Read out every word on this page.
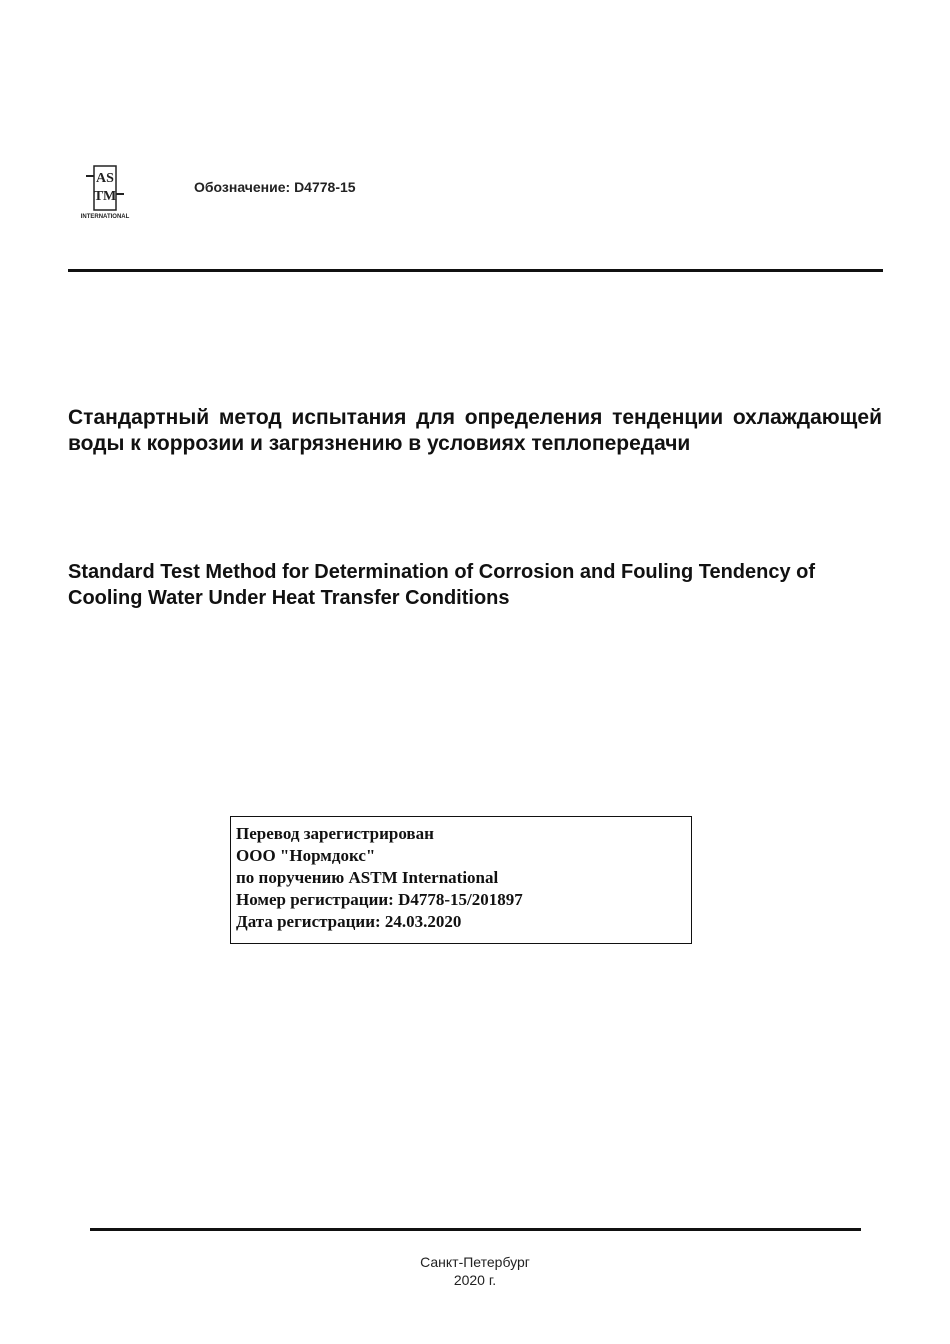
AS
TM
INTERNATIONAL
Обозначение: D4778-15

Стандартный метод испытания для определения тенденции охлаждающей воды к коррозии и загрязнению в условиях теплопередачи

Standard Test Method for Determination of Corrosion and Fouling Tendency of Cooling Water Under Heat Transfer Conditions

Перевод зарегистрирован
ООО "Нормдокс"
по поручению ASTM International
Номер регистрации: D4778-15/201897
Дата регистрации: 24.03.2020
Санкт-Петербург
2020 г.
